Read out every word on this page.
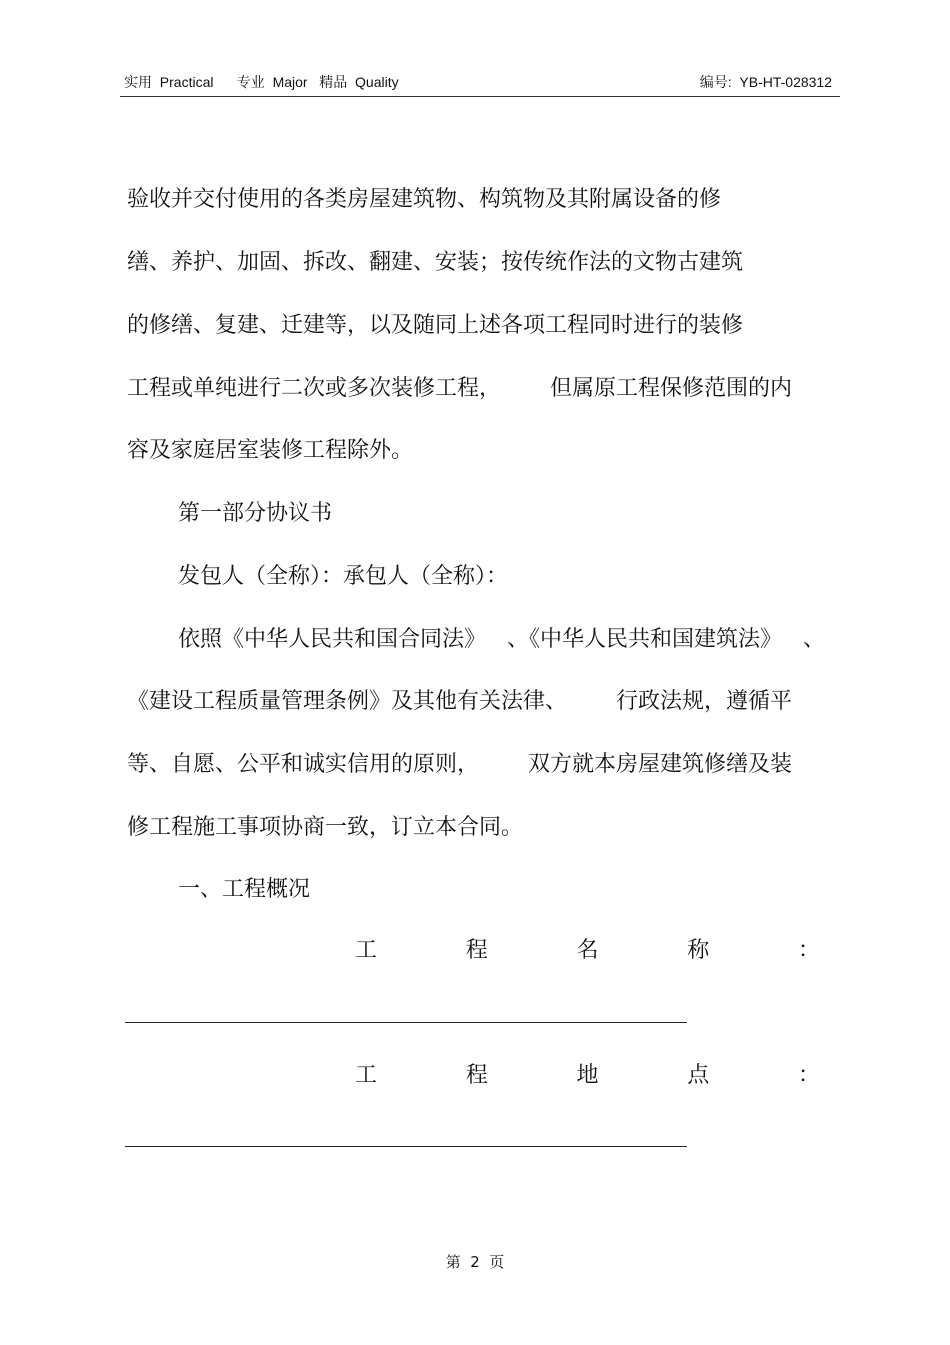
实用  Practical      专业  Major   精品  Quality	编号:  YB-HT-028312
验收并交付使用的各类房屋建筑物、构筑物及其附属设备的修
缮、养护、加固、拆改、翻建、安装；按传统作法的文物古建筑
的修缮、复建、迁建等，以及随同上述各项工程同时进行的装修
工程或单纯进行二次或多次装修工程，       但属原工程保修范围的内
容及家庭居室装修工程除外。
第一部分协议书
发包人（全称）：承包人（全称）：
依照《中华人民共和国合同法》   、《中华人民共和国建筑法》   、
《建设工程质量管理条例》及其他有关法律、       行政法规，遵循平
等、自愿、公平和诚实信用的原则，       双方就本房屋建筑修缮及装
修工程施工事项协商一致，订立本合同。
一、工程概况
工	程	名	称	：
工	程	地	点	：
第  2  页
